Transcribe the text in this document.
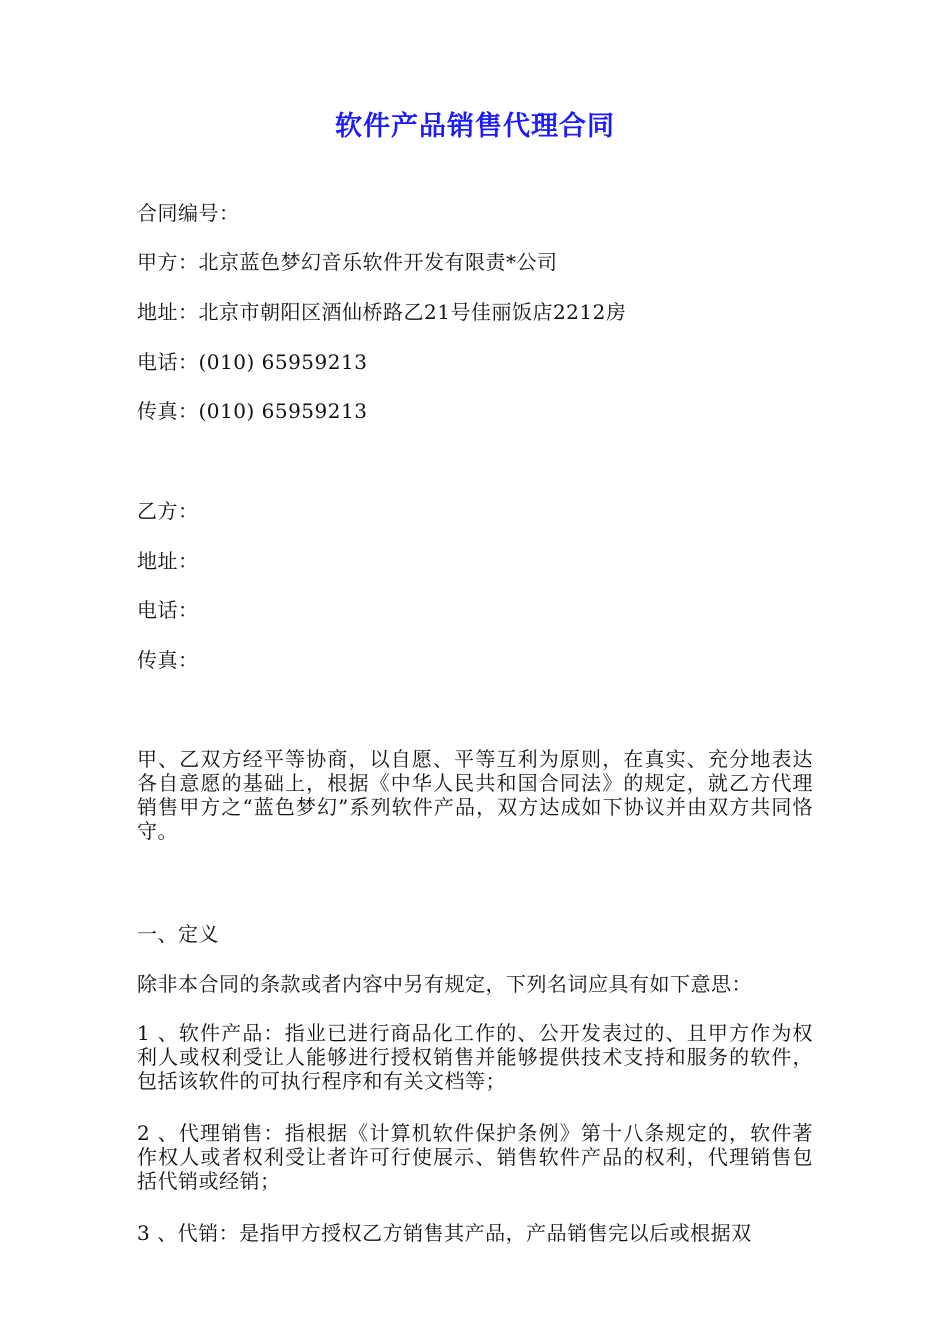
软件产品销售代理合同
合同编号：
甲方：北京蓝色梦幻音乐软件开发有限责*公司
地址：北京市朝阳区酒仙桥路乙21号佳丽饭店2212房
电话：(010) 65959213
传真：(010) 65959213
乙方：
地址：
电话：
传真：
甲、乙双方经平等协商，以自愿、平等互利为原则，在真实、充分地表达各自意愿的基础上，根据《中华人民共和国合同法》的规定，就乙方代理销售甲方之“蓝色梦幻”系列软件产品，双方达成如下协议并由双方共同恪守。
一、定义
除非本合同的条款或者内容中另有规定，下列名词应具有如下意思：
1 、软件产品：指业已进行商品化工作的、公开发表过的、且甲方作为权利人或权利受让人能够进行授权销售并能够提供技术支持和服务的软件，包括该软件的可执行程序和有关文档等；
2 、代理销售：指根据《计算机软件保护条例》第十八条规定的，软件著作权人或者权利受让者许可行使展示、销售软件产品的权利，代理销售包括代销或经销；
3 、代销：是指甲方授权乙方销售其产品，产品销售完以后或根据双
